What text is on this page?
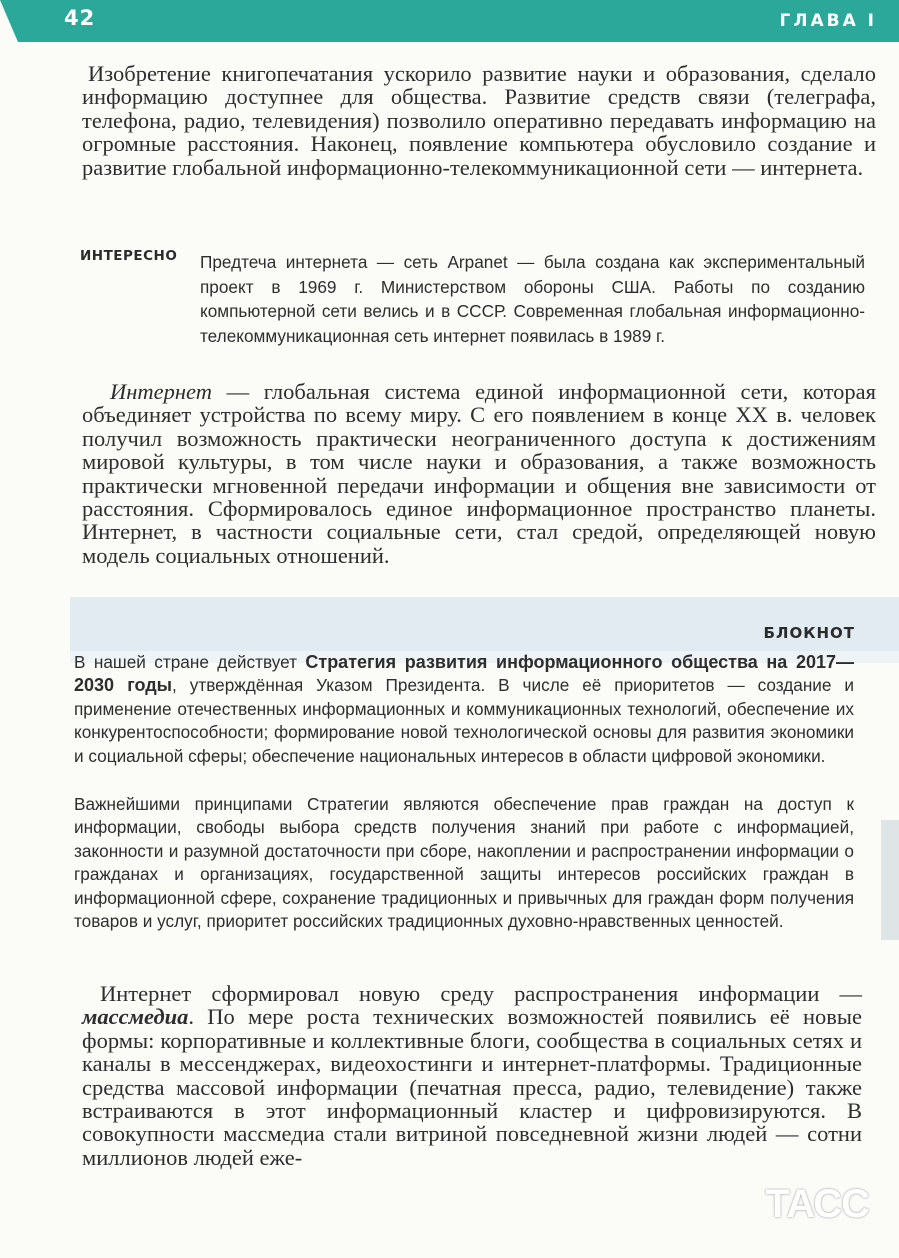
42	ГЛАВА I

Изобретение книгопечатания ускорило развитие науки и образования, сделало информацию доступнее для общества. Развитие средств связи (телеграфа, телефона, радио, телевидения) позволило оперативно передавать информацию на огромные расстояния. Наконец, появление компьютера обусловило создание и развитие глобальной информационно-телекоммуникационной сети — интернета.

ИНТЕРЕСНО Предтеча интернета — сеть Arpanet — была создана как экспериментальный проект в 1969 г. Министерством обороны США. Работы по созданию компьютерной сети велись и в СССР. Современная глобальная информационно-телекоммуникационная сеть интернет появилась в 1989 г.

Интернет — глобальная система единой информационной сети, которая объединяет устройства по всему миру. С его появлением в конце XX в. человек получил возможность практически неограниченного доступа к достижениям мировой культуры, в том числе науки и образования, а также возможность практически мгновенной передачи информации и общения вне зависимости от расстояния. Сформировалось единое информационное пространство планеты. Интернет, в частности социальные сети, стал средой, определяющей новую модель социальных отношений.

БЛОКНОТ

В нашей стране действует Стратегия развития информационного общества на 2017—2030 годы, утверждённая Указом Президента. В числе её приоритетов — создание и применение отечественных информационных и коммуникационных технологий, обеспечение их конкурентоспособности; формирование новой технологической основы для развития экономики и социальной сферы; обеспечение национальных интересов в области цифровой экономики.

Важнейшими принципами Стратегии являются обеспечение прав граждан на доступ к информации, свободы выбора средств получения знаний при работе с информацией, законности и разумной достаточности при сборе, накоплении и распространении информации о гражданах и организациях, государственной защиты интересов российских граждан в информационной сфере, сохранение традиционных и привычных для граждан форм получения товаров и услуг, приоритет российских традиционных духовно-нравственных ценностей.

Интернет сформировал новую среду распространения информации — массмедиа. По мере роста технических возможностей появились её новые формы: корпоративные и коллективные блоги, сообщества в социальных сетях и каналы в мессенджерах, видеохостинги и интернет-платформы. Традиционные средства массовой информации (печатная пресса, радио, телевидение) также встраиваются в этот информационный кластер и цифровизируются. В совокупности массмедиа стали витриной повседневной жизни людей — сотни миллионов людей еже-

ТАСС
